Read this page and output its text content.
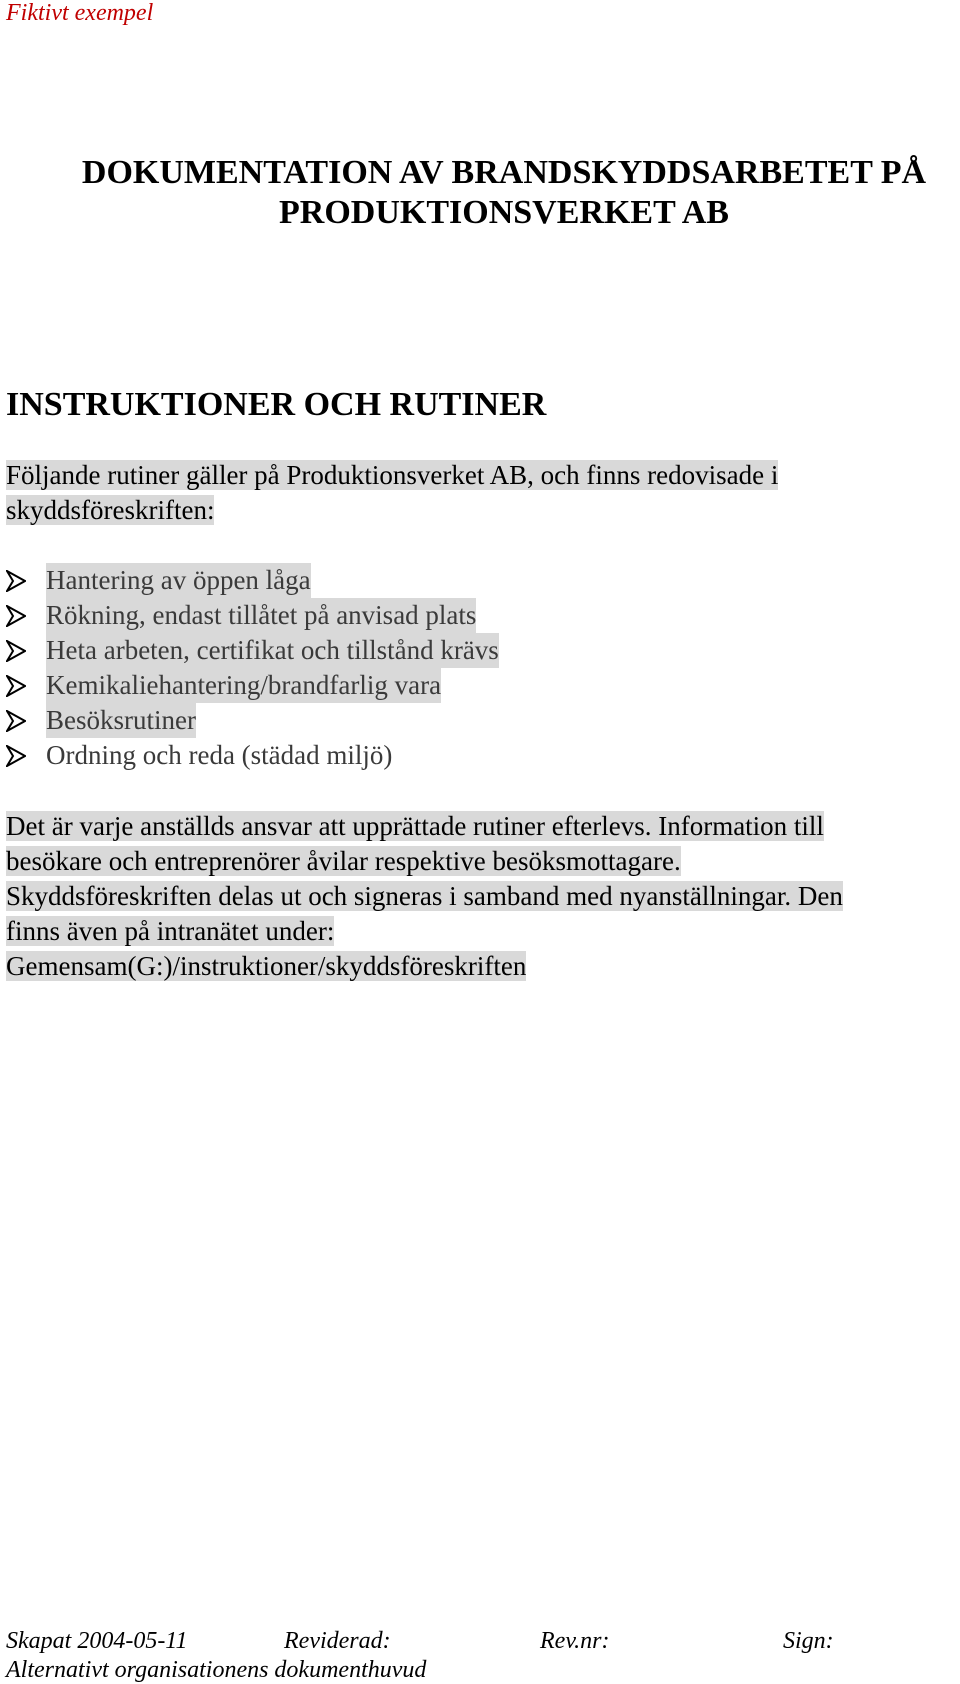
Fiktivt exempel
DOKUMENTATION AV BRANDSKYDDSARBETET PÅ
PRODUKTIONSVERKET AB
INSTRUKTIONER OCH RUTINER
Följande rutiner gäller på Produktionsverket AB, och finns redovisade i
skyddsföreskriften:
Hantering av öppen låga
Rökning, endast tillåtet på anvisad plats
Heta arbeten, certifikat och tillstånd krävs
Kemikaliehantering/brandfarlig vara
Besöksrutiner
Ordning och reda (städad miljö)
Det är varje anställds ansvar att upprättade rutiner efterlevs. Information till
besökare och entreprenörer åvilar respektive besöksmottagare.
Skyddsföreskriften delas ut och signeras i samband med nyanställningar. Den
finns även på intranätet under:
Gemensam(G:)/instruktioner/skyddsföreskriften
Skapat 2004-05-11	Reviderad:	Rev.nr:	Sign:
Alternativt organisationens dokumenthuvud
